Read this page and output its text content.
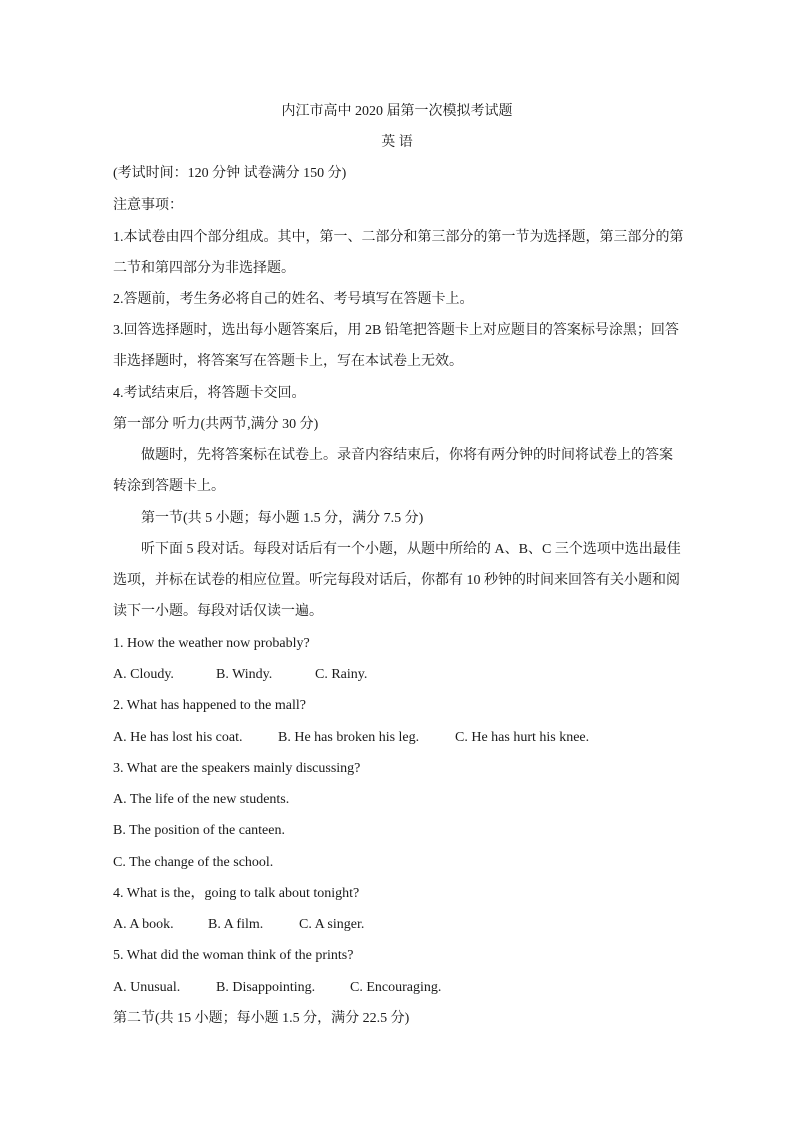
内江市高中 2020 届第一次模拟考试题
英 语
(考试时间：120 分钟 试卷满分 150 分)
注意事项：
1.本试卷由四个部分组成。其中，第一、二部分和第三部分的第一节为选择题，第三部分的第
二节和第四部分为非选择题。
2.答题前，考生务必将自己的姓名、考号填写在答题卡上。
3.回答选择题时，选出每小题答案后，用 2B 铅笔把答题卡上对应题目的答案标号涂黑；回答
非选择题时，将答案写在答题卡上，写在本试卷上无效。
4.考试结束后，将答题卡交回。
第一部分 听力(共两节,满分 30 分)
做题时，先将答案标在试卷上。录音内容结束后，你将有两分钟的时间将试卷上的答案
转涂到答题卡上。
第一节(共 5 小题；每小题 1.5 分，满分 7.5 分)
听下面 5 段对话。每段对话后有一个小题，从题中所给的 A、B、C 三个选项中选出最佳
选项，并标在试卷的相应位置。听完每段对话后，你都有 10 秒钟的时间来回答有关小题和阅
读下一小题。每段对话仅读一遍。
1. How the weather now probably?
A. Cloudy.	B. Windy.	C. Rainy.
2. What has happened to the mall?
A. He has lost his coat.	B. He has broken his leg.	C. He has hurt his knee.
3. What are the speakers mainly discussing?
A. The life of the new students.
B. The position of the canteen.
C. The change of the school.
4. What is the，going to talk about tonight?
A. A book. B. A film.	C. A singer.
5. What did the woman think of the prints?
A. Unusual.	B. Disappointing. C. Encouraging.
第二节(共 15 小题；每小题 1.5 分，满分 22.5 分)
